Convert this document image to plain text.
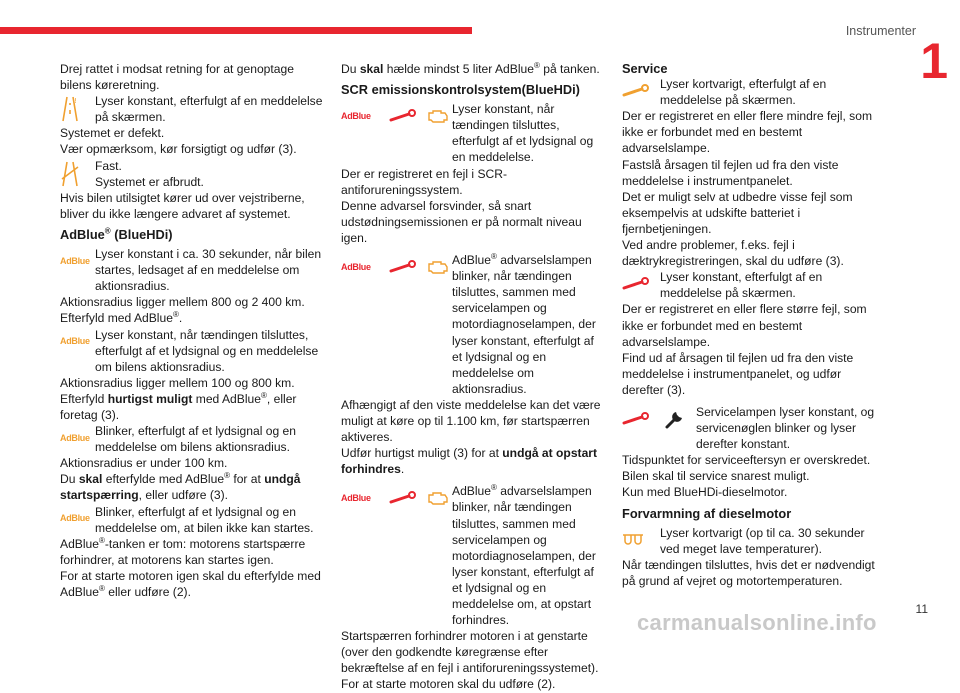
Instrumenter
1
11
carmanualsonline.info

Drej rattet i modsat retning for at genoptage bilens køreretning.

!	Lyser konstant, efterfulgt af en meddelelse på skærmen.

Systemet er defekt.

Vær opmærksom, kør forsigtigt og udfør (3).

Fast.

Systemet er afbrudt.

Hvis bilen utilsigtet kører ud over vejstriberne, bliver du ikke længere advaret af systemet.

AdBlue® (BlueHDi)

AdBlue Lyser konstant i ca. 30 sekunder, når bilen startes, ledsaget af en meddelelse om aktionsradius.

Aktionsradius ligger mellem 800 og 2 400 km.

Efterfyld med AdBlue®.

AdBlue Lyser konstant, når tændingen tilsluttes, efterfulgt af et lydsignal og en meddelelse om bilens aktionsradius.

Aktionsradius ligger mellem 100 og 800 km.

Efterfyld hurtigst muligt med AdBlue®, eller foretag (3).

AdBlue Blinker, efterfulgt af et lydsignal og en meddelelse om bilens aktionsradius.

Aktionsradius er under 100 km.

Du skal efterfylde med AdBlue® for at undgå startspærring, eller udføre (3).

AdBlue Blinker, efterfulgt af et lydsignal og en meddelelse om, at bilen ikke kan startes.

AdBlue®-tanken er tom: motorens startspærre forhindrer, at motorens kan startes igen.

For at starte motoren igen skal du efterfylde med AdBlue® eller udføre (2).

Du skal hælde mindst 5 liter AdBlue® på tanken.

SCR emissionskontrolsystem(BlueHDi)

AdBlue	Lyser konstant, når tændingen tilsluttes, efterfulgt af et lydsignal og en meddelelse.

Der er registreret en fejl i SCR-antiforureningssystem.

Denne advarsel forsvinder, så snart udstødningsemissionen er på normalt niveau igen.

AdBlue	AdBlue® advarselslampen blinker, når tændingen tilsluttes, sammen med servicelampen og motordiagnoselampen, der lyser konstant, efterfulgt af et lydsignal og en meddelelse om aktionsradius.

Afhængigt af den viste meddelelse kan det være muligt at køre op til 1.100 km, før startspærren aktiveres.

Udfør hurtigst muligt (3) for at undgå at opstart forhindres.

AdBlue	AdBlue® advarselslampen blinker, når tændingen tilsluttes, sammen med servicelampen og motordiagnoselampen, der lyser konstant, efterfulgt af et lydsignal og en meddelelse om, at opstart forhindres.

Startspærren forhindrer motoren i at genstarte (over den godkendte køregrænse efter bekræftelse af en fejl i antiforureningssystemet).

For at starte motoren skal du udføre (2).

Service

Lyser kortvarigt, efterfulgt af en meddelelse på skærmen.

Der er registreret en eller flere mindre fejl, som ikke er forbundet med en bestemt advarselslampe.

Fastslå årsagen til fejlen ud fra den viste meddelelse i instrumentpanelet.

Det er muligt selv at udbedre visse fejl som eksempelvis at udskifte batteriet i fjernbetjeningen.

Ved andre problemer, f.eks. fejl i dæktrykregistreringen, skal du udføre (3).

Lyser konstant, efterfulgt af en meddelelse på skærmen.

Der er registreret en eller flere større fejl, som ikke er forbundet med en bestemt advarselslampe.

Find ud af årsagen til fejlen ud fra den viste meddelelse i instrumentpanelet, og udfør derefter (3).

Servicelampen lyser konstant, og servicenøglen blinker og lyser derefter konstant.

Tidspunktet for serviceeftersyn er overskredet.

Bilen skal til service snarest muligt.

Kun med BlueHDi-dieselmotor.

Forvarmning af dieselmotor

Lyser kortvarigt (op til ca. 30 sekunder ved meget lave temperaturer).

Når tændingen tilsluttes, hvis det er nødvendigt på grund af vejret og motortemperaturen.
